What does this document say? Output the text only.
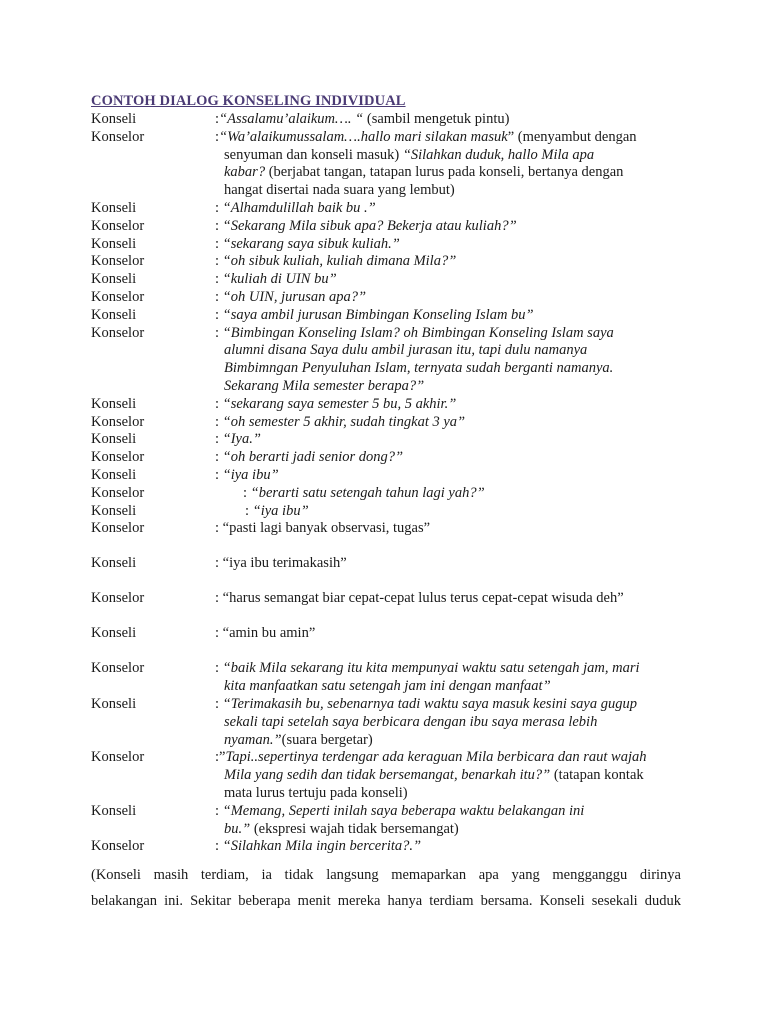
CONTOH DIALOG KONSELING INDIVIDUAL
Konseli	:“Assalamu’alaikum…. “ (sambil mengetuk pintu)
Konselor	:“Wa’alaikumussalam….hallo mari silakan masuk” (menyambut dengan
senyuman dan konseli masuk) “Silahkan duduk, hallo Mila apa
kabar? (berjabat tangan, tatapan lurus pada konseli, bertanya dengan
hangat disertai nada suara yang lembut)
Konseli	: “Alhamdulillah baik bu .”
Konselor	: “Sekarang Mila sibuk apa? Bekerja atau kuliah?”
Konseli	: “sekarang saya sibuk kuliah.”
Konselor	: “oh sibuk kuliah, kuliah dimana Mila?”
Konseli	: “kuliah di UIN bu”
Konselor	: “oh UIN, jurusan apa?”
Konseli	: “saya ambil jurusan Bimbingan Konseling Islam bu”
Konselor	: “Bimbingan Konseling Islam? oh Bimbingan Konseling Islam saya
alumni disana Saya dulu ambil jurasan itu, tapi dulu namanya
Bimbimngan Penyuluhan Islam, ternyata sudah berganti namanya.
Sekarang Mila semester berapa?”
Konseli	: “sekarang saya semester 5 bu, 5 akhir.”
Konselor	: “oh semester 5 akhir, sudah tingkat 3 ya”
Konseli	: “Iya.”
Konselor	: “oh berarti jadi senior dong?”
Konseli	: “iya ibu”
Konselor	: “berarti satu setengah tahun lagi yah?”
Konseli	: “iya ibu”
Konselor	: “pasti lagi banyak observasi, tugas”
Konseli	: “iya ibu terimakasih”
Konselor	: “harus semangat biar cepat-cepat lulus terus cepat-cepat wisuda deh”
Konseli	: “amin bu amin”
Konselor	: “baik Mila sekarang itu kita mempunyai waktu satu setengah jam, mari
kita manfaatkan satu setengah jam ini dengan manfaat”
Konseli	: “Terimakasih bu, sebenarnya tadi waktu saya masuk kesini saya gugup
sekali tapi setelah saya berbicara dengan ibu saya merasa lebih
nyaman.”(suara bergetar)
Konselor	:”Tapi..sepertinya terdengar ada keraguan Mila berbicara dan raut wajah
Mila yang sedih dan tidak bersemangat, benarkah itu?” (tatapan kontak
mata lurus tertuju pada konseli)
Konseli	: “Memang, Seperti inilah saya beberapa waktu belakangan ini
bu.” (ekspresi wajah tidak bersemangat)
Konselor	: “Silahkan Mila ingin bercerita?.”
(Konseli masih terdiam, ia tidak langsung memaparkan apa yang mengganggu dirinya
belakangan ini. Sekitar beberapa menit mereka hanya terdiam bersama. Konseli sesekali duduk
